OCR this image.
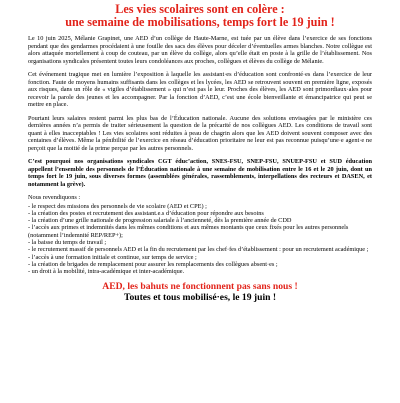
Les vies scolaires sont en colère :
une semaine de mobilisations, temps fort le 19 juin !

Le 10 juin 2025, Mélanie Grapinet, une AED d’un collège de Haute-Marne, est tuée par un élève dans l’exercice de ses fonctions pendant que des gendarmes procédaient à une fouille des sacs des élèves pour déceler d’éventuelles armes blanches. Notre collègue est alors attaquée mortellement à coup de couteau, par un élève du collège, alors qu’elle était en poste à la grille de l’établissement. Nos organisations syndicales présentent toutes leurs condoléances aux proches, collègues et élèves du collège de Mélanie.

Cet événement tragique met en lumière l’exposition à laquelle les assistant·es d’éducation sont confronté·es dans l’exercice de leur fonction. Faute de moyens humains suffisants dans les collèges et les lycées, les AED se retrouvent souvent en première ligne, exposés aux risques, dans un rôle de « vigiles d’établissement » qui n’est pas le leur. Proches des élèves, les AED sont primordiaux·ales pour recevoir la parole des jeunes et les accompagner. Par la fonction d’AED, c’est une école bienveillante et émancipatrice qui peut se mettre en place.

Pourtant leurs salaires restent parmi les plus bas de l’Éducation nationale. Aucune des solutions envisagées par le ministère ces dernières années n’a permis de traiter sérieusement la question de la précarité de nos collègues AED. Les conditions de travail sont quant à elles inacceptables ! Les vies scolaires sont réduites à peau de chagrin alors que les AED doivent souvent composer avec des centaines d’élèves. Même la pénibilité de l’exercice en réseau d’éducation prioritaire ne leur est pas reconnue puisqu’une·e agent·e ne perçoit que la moitié de la prime perçue par les autres personnels.

C’est pourquoi nos organisations syndicales CGT éduc’action, SNES-FSU, SNEP-FSU, SNUEP-FSU et SUD éducation appellent l’ensemble des personnels de l’Éducation nationale à une semaine de mobilisation entre le 16 et le 20 juin, dont un temps fort le 19 juin, sous diverses formes (assemblées générales, rassemblements, interpellations des recteurs et DASEN, et notamment la grève).

Nous revendiquons :
- le respect des missions des personnels de vie scolaire (AED et CPE) ;
- la création des postes et recrutement des assistant.e.s d’éducation pour répondre aux besoins
- la création d’une grille nationale de progression salariale à l’ancienneté, dès la première année de CDD
- l’accès aux primes et indemnités dans les mêmes conditions et aux mêmes montants que ceux fixés pour les autres personnels (notamment l’indemnité REP/REP+);
- la baisse du temps de travail ;
- le recrutement massif de personnels AED et la fin du recrutement par les chef·fes d’établissement : pour un recrutement académique ;
- l’accès à une formation initiale et continue, sur temps de service ;
- la création de brigades de remplacement pour assurer les remplacements des collègues absent·es ;
- un droit à la mobilité, intra-académique et inter-académique.
AED, les bahuts ne fonctionnent pas sans nous !
Toutes et tous mobilisé·es, le 19 juin !
